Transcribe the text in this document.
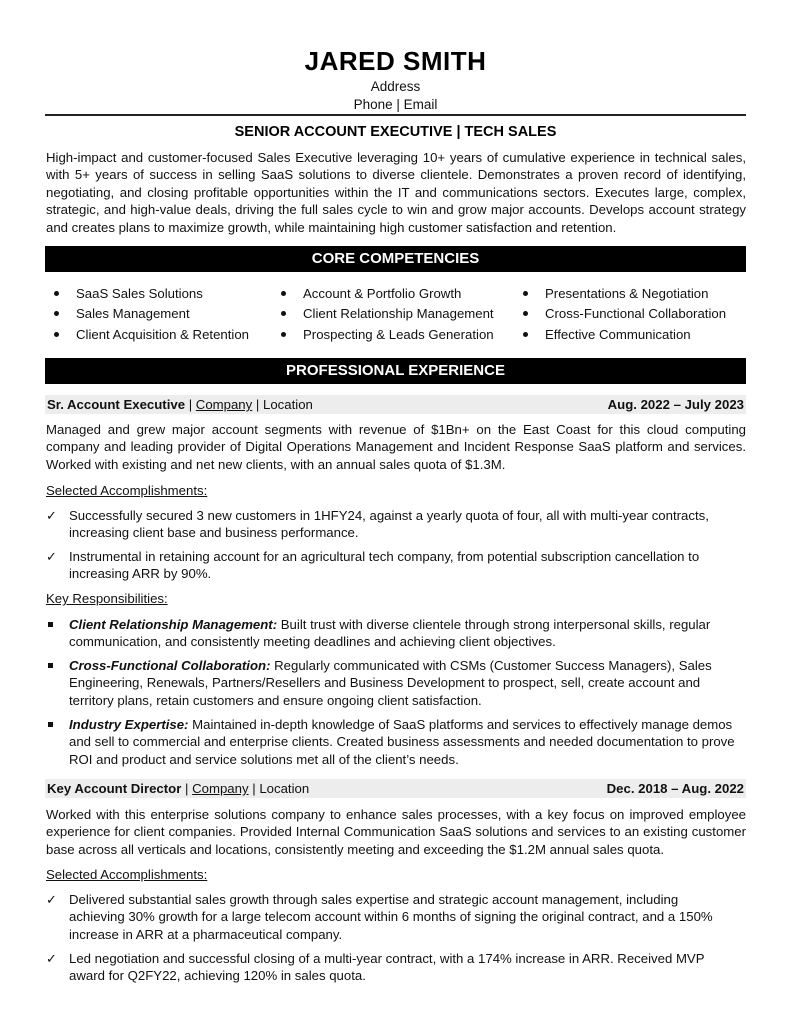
JARED SMITH
Address
Phone | Email
SENIOR ACCOUNT EXECUTIVE | TECH SALES
High-impact and customer-focused Sales Executive leveraging 10+ years of cumulative experience in technical sales, with 5+ years of success in selling SaaS solutions to diverse clientele. Demonstrates a proven record of identifying, negotiating, and closing profitable opportunities within the IT and communications sectors. Executes large, complex, strategic, and high-value deals, driving the full sales cycle to win and grow major accounts. Develops account strategy and creates plans to maximize growth, while maintaining high customer satisfaction and retention.
CORE COMPETENCIES
SaaS Sales Solutions
Sales Management
Client Acquisition & Retention
Account & Portfolio Growth
Client Relationship Management
Prospecting & Leads Generation
Presentations & Negotiation
Cross-Functional Collaboration
Effective Communication
PROFESSIONAL EXPERIENCE
Sr. Account Executive | Company | Location	Aug. 2022 – July 2023
Managed and grew major account segments with revenue of $1Bn+ on the East Coast for this cloud computing company and leading provider of Digital Operations Management and Incident Response SaaS platform and services. Worked with existing and net new clients, with an annual sales quota of $1.3M.
Selected Accomplishments:
✓ Successfully secured 3 new customers in 1HFY24, against a yearly quota of four, all with multi-year contracts, increasing client base and business performance.
✓ Instrumental in retaining account for an agricultural tech company, from potential subscription cancellation to increasing ARR by 90%.
Key Responsibilities:
Client Relationship Management: Built trust with diverse clientele through strong interpersonal skills, regular communication, and consistently meeting deadlines and achieving client objectives.
Cross-Functional Collaboration: Regularly communicated with CSMs (Customer Success Managers), Sales Engineering, Renewals, Partners/Resellers and Business Development to prospect, sell, create account and territory plans, retain customers and ensure ongoing client satisfaction.
Industry Expertise: Maintained in-depth knowledge of SaaS platforms and services to effectively manage demos and sell to commercial and enterprise clients. Created business assessments and needed documentation to prove ROI and product and service solutions met all of the client’s needs.
Key Account Director | Company | Location	Dec. 2018 – Aug. 2022
Worked with this enterprise solutions company to enhance sales processes, with a key focus on improved employee experience for client companies. Provided Internal Communication SaaS solutions and services to an existing customer base across all verticals and locations, consistently meeting and exceeding the $1.2M annual sales quota.
Selected Accomplishments:
✓ Delivered substantial sales growth through sales expertise and strategic account management, including achieving 30% growth for a large telecom account within 6 months of signing the original contract, and a 150% increase in ARR at a pharmaceutical company.
✓ Led negotiation and successful closing of a multi-year contract, with a 174% increase in ARR. Received MVP award for Q2FY22, achieving 120% in sales quota.
